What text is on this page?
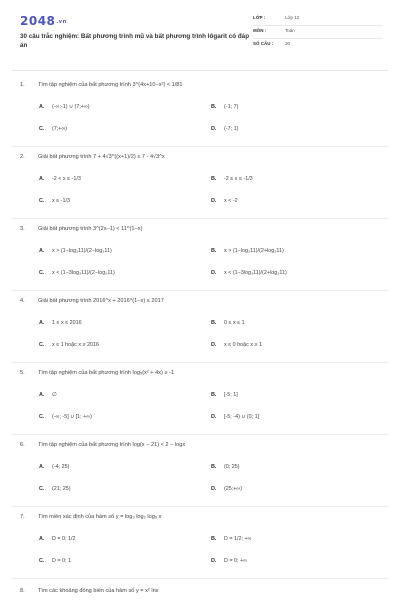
2048.vn
30 câu trắc nghiệm: Bất phương trình mũ và bất phương trình lôgarit có đáp án
LỚP :	Lớp 12
MÔN :	Toán
SỐ CÂU :	30
1. Tìm tập nghiệm của bất phương trình 3^(4x+10−x²) < 1/81
A. (-∞;-1) ∪ (7;+∞)	B. (-1; 7)
C. (7;+∞)	D. (-7; 1)
2. Giải bất phương trình 7 + 4√3^((x+1)/2) ≤ 7 - 4√3^x
A. -2 < x ≤ -1/3	B. -2 ≤ x ≤ -1/3
C. x ≤ -1/3	D. x < -2
3. Giải bất phương trình 3^(2x−1) < 11^(1−x)
A. x > (1−log₃11)/(2−log₃11)	B. x > (1−log₃11)/(2+log₃11)
C. x < (1−3log₃11)/(2−log₃11)	D. x < (1−3log₃11)/(2+log₃11)
4. Giải bất phương trình 2016^x + 2016^(1−x) ≤ 2017
A. 1 ≤ x ≤ 2016	B. 0 ≤ x ≤ 1
C. x ≤ 1 hoặc x ≥ 2016	D. x ≤ 0 hoặc x ≥ 1
5. Tìm tập nghiệm của bất phương trình log₅(x² + 4x) ≥ -1
A. ∅	B. [-5; 1]
C. (-∞; -5] ∪ [1; +∞)	D. [-5; -4) ∪ (0; 1]
6. Tìm tập nghiệm của bất phương trình log(x − 21) < 2 − logx
A. (-4; 25)	B. (0; 25)
C. (21; 25)	D. (25;+∞)
7. Tìm miền xác định của hàm số y = log₃ log₂ log₅ x
A. D = 0; 1/2	B. D = 1/2; +∞
C. D = 0; 1	D. D = 0; +∞
8. Tìm các khoảng đồng biến của hàm số y = x² lnx
